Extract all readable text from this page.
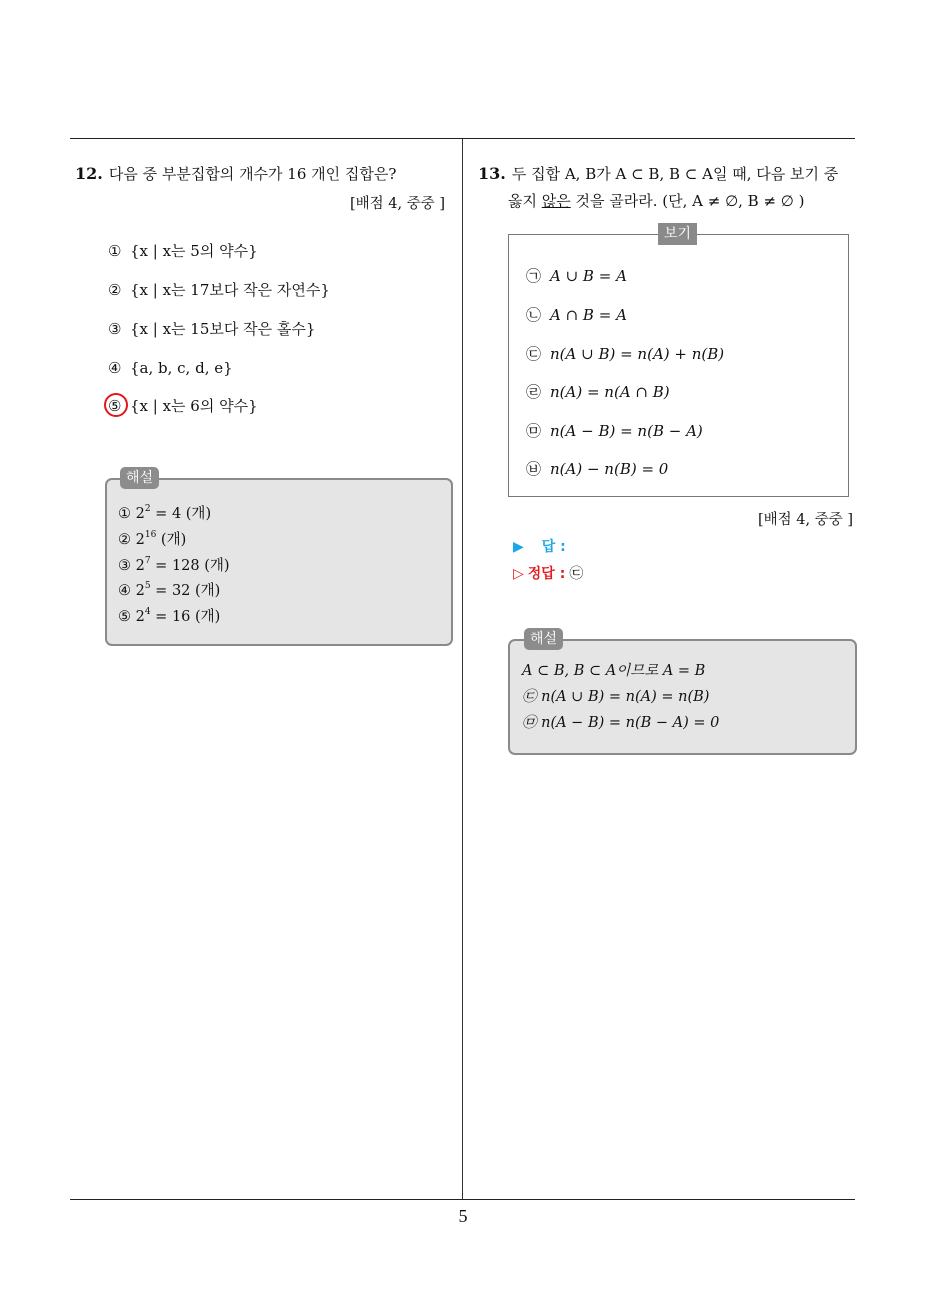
5
12. 다음 중 부분집합의 개수가 16 개인 집합은?
[배점 4, 중중 ]
① {x | x는 5의 약수}
② {x | x는 17보다 작은 자연수}
③ {x | x는 15보다 작은 홀수}
④ {a, b, c, d, e}
⑤ {x | x는 6의 약수}
해설
① $2^2 = 4$ (개)
② $2^{16}$ (개)
③ $2^7 = 128$ (개)
④ $2^5 = 32$ (개)
⑤ $2^4 = 16$ (개)
13. 두 집합 A, B가 A ⊂ B, B ⊂ A일 때, 다음 보기 중
옳지 않은 것을 골라라. (단, A ≠ ∅, B ≠ ∅ )
보기
㉠ A ∪ B = A
㉡ A ∩ B = A
㉢ n(A ∪ B) = n(A) + n(B)
㉣ n(A) = n(A ∩ B)
㉤ n(A − B) = n(B − A)
㉥ n(A) − n(B) = 0
[배점 4, 중중 ]
▶ 답 :
▷ 정답 : ㉢
해설
A ⊂ B, B ⊂ A이므로 A = B
㉢ n(A ∪ B) = n(A) = n(B)
㉤ n(A − B) = n(B − A) = 0
